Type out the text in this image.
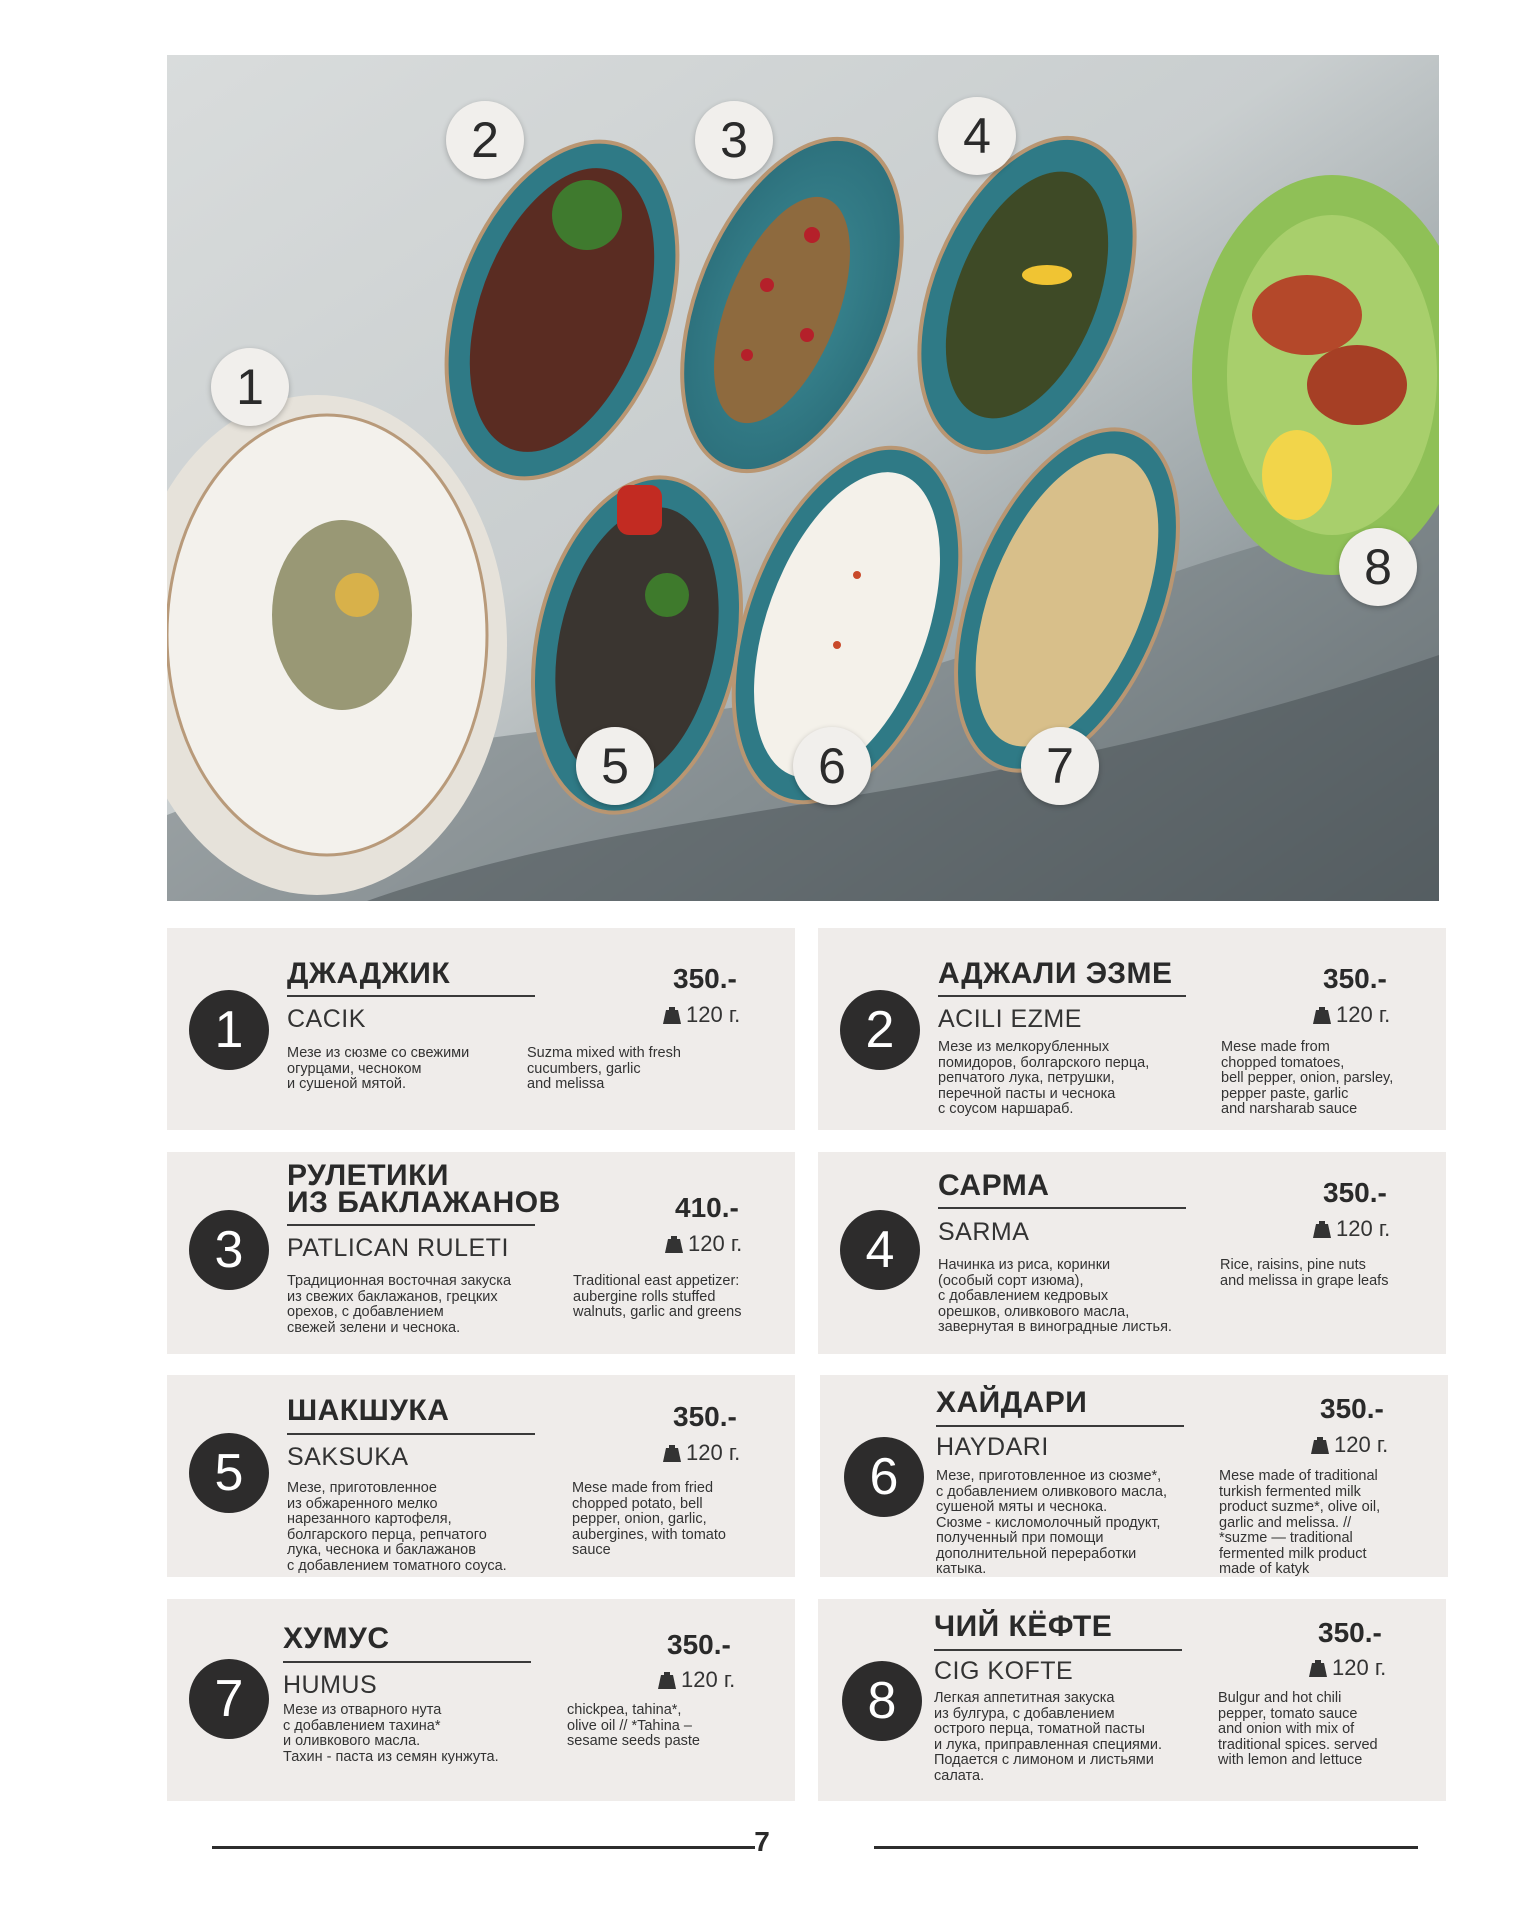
1
2	3	4
5	6	7
8
1
ДЖАДЖИК
CACIK
350.-
120 г.
Мезе из сюзме со свежими
огурцами, чесноком
и сушеной мятой.
Suzma mixed with fresh
cucumbers, garlic
and melissa
2
АДЖАЛИ ЭЗМЕ
ACILI EZME
350.-
120 г.
Мезе из мелкорубленных
помидоров, болгарского перца,
репчатого лука, петрушки,
перечной пасты и чеснока
с соусом наршараб.
Mese made from
chopped tomatoes,
bell pepper, onion, parsley,
pepper paste, garlic
and narsharab sauce
3
РУЛЕТИКИ
ИЗ БАКЛАЖАНОВ
PATLICAN RULETI
410.-
120 г.
Традиционная восточная закуска
из свежих баклажанов, грецких
орехов, с добавлением
свежей зелени и чеснока.
Traditional east appetizer:
aubergine rolls stuffed
walnuts, garlic and greens
4
САРМА
SARMA
350.-
120 г.
Начинка из риса, коринки
(особый сорт изюма),
с добавлением кедровых
орешков, оливкового масла,
завернутая в виноградные листья.
Rice, raisins, pine nuts
and melissa in grape leafs
5
ШАКШУКА
SAKSUKA
350.-
120 г.
Мезе, приготовленное
из обжаренного мелко
нарезанного картофеля,
болгарского перца, репчатого
лука, чеснока и баклажанов
с добавлением томатного соуса.
Mese made from fried
chopped potato, bell
pepper, onion, garlic,
aubergines, with tomato
sauce
6
ХАЙДАРИ
HAYDARI
350.-
120 г.
Мезе, приготовленное из сюзме*,
с добавлением оливкового масла,
сушеной мяты и чеснока.
Сюзме - кисломолочный продукт,
полученный при помощи
дополнительной переработки
катыка.
Mese made of traditional
turkish fermented milk
product suzme*, olive oil,
garlic and melissa. //
*suzme — traditional
fermented milk product
made of katyk
7
ХУМУС
HUMUS
350.-
120 г.
Мезе из отварного нута
с добавлением тахина*
и оливкового масла.
Тахин - паста из семян кунжута.
chickpea, tahina*,
olive oil // *Tahina –
sesame seeds paste
8
ЧИЙ КЁФТЕ
CIG KOFTE
350.-
120 г.
Легкая аппетитная закуска
из булгура, с добавлением
острого перца, томатной пасты
и лука, приправленная специями.
Подается с лимоном и листьями
салата.
Bulgur and hot chili
pepper, tomato sauce
and onion with mix of
traditional spices. served
with lemon and lettuce
7
